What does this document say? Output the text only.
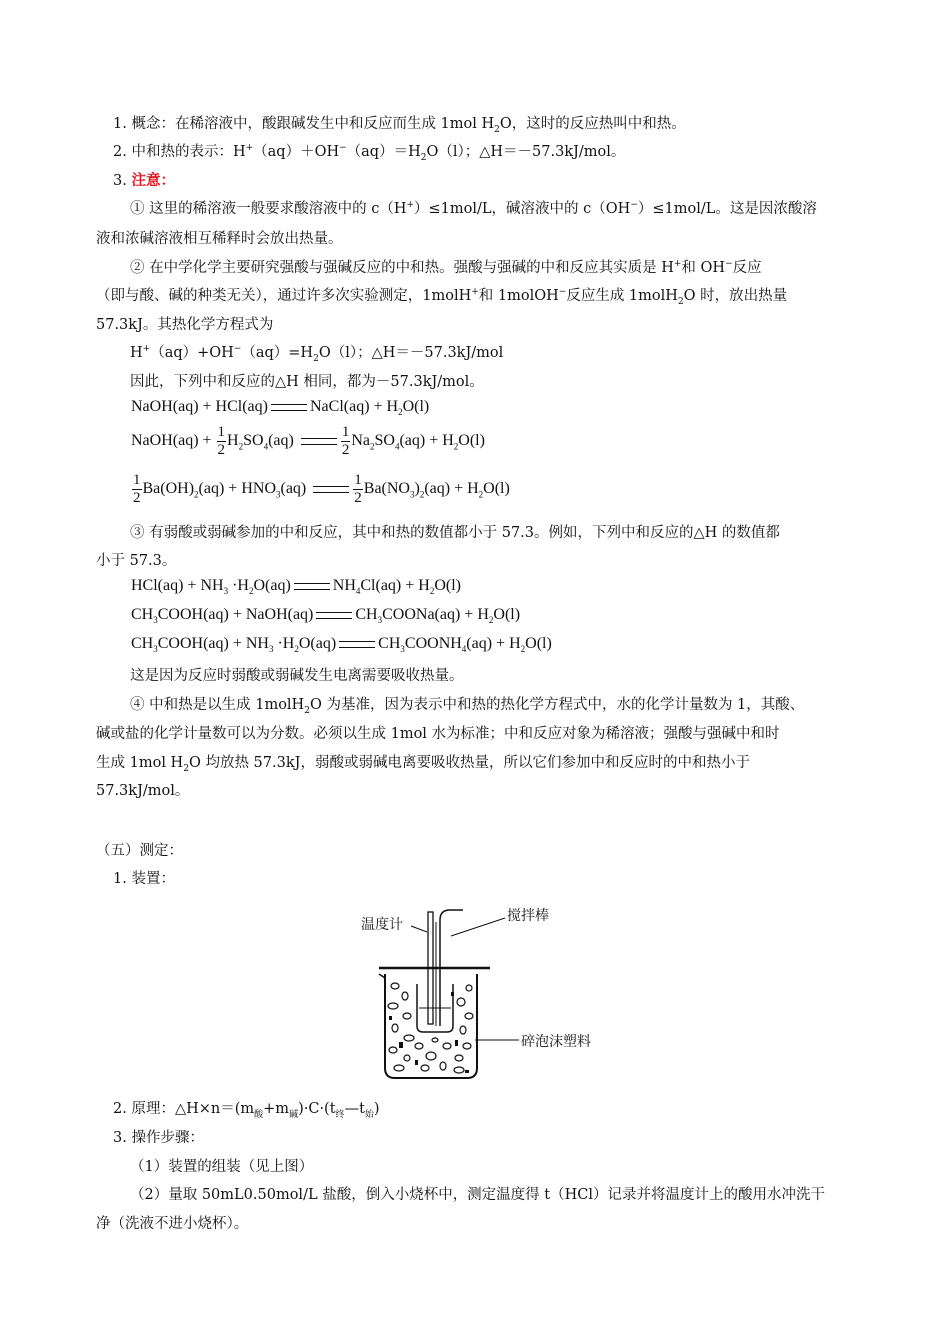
1. 概念：在稀溶液中，酸跟碱发生中和反应而生成 1mol $H_2O$，这时的反应热叫中和热。
2. 中和热的表示：$H^+(aq)+OH^-(aq)=H_2O(l)$；△H＝－57.3kJ/mol。
3. 注意：
① 这里的稀溶液一般要求酸溶液中的 c（H+）≤1mol/L，碱溶液中的 c（OH−）≤1mol/L。这是因浓酸溶
液和浓碱溶液相互稀释时会放出热量。
② 在中学化学主要研究强酸与强碱反应的中和热。强酸与强碱的中和反应其实质是 H+和 OH−反应
（即与酸、碱的种类无关），通过许多次实验测定，1molH+和 1molOH−反应生成 1molH$_2$O 时，放出热量
57.3kJ。其热化学方程式为
$H^+(aq)+OH^-(aq)=H_2O(l)$；△H＝－57.3kJ/mol
因此，下列中和反应的△H 相同，都为－57.3kJ/mol。
NaOH(aq) + HCl(aq)	NaCl(aq) + $H_2O(l)$
NaOH(aq) + $\frac{1}{2} H_2SO_4(aq)$	$\frac{1}{2} Na_2SO_4(aq) + H_2O(l)$
$\frac{1}{2} Ba(OH)_2(aq) + HNO_3(aq)$	$\frac{1}{2} Ba(NO_3)_2(aq) + H_2O(l)$
③ 有弱酸或弱碱参加的中和反应，其中和热的数值都小于 57.3。例如，下列中和反应的△H 的数值都
小于 57.3。
$HCl(aq) + NH_3 \cdot H_2O(aq)$	$NH_4Cl(aq) + H_2O(l)$
$CH_3COOH(aq)$ + NaOH(aq)	$CH_3COONa(aq) + H_2O(l)$
$CH_3COOH(aq) + NH_3 \cdot H_2O(aq)$	$CH_3COONH_4(aq) + H_2O(l)$
这是因为反应时弱酸或弱碱发生电离需要吸收热量。
④ 中和热是以生成 1molH$_2$O 为基准，因为表示中和热的热化学方程式中，水的化学计量数为 1，其酸、
碱或盐的化学计量数可以为分数。必须以生成 1mol 水为标准；中和反应对象为稀溶液；强酸与强碱中和时
生成 1mol $H_2O$ 均放热 57.3kJ，弱酸或弱碱电离要吸收热量，所以它们参加中和反应时的中和热小于
57.3kJ/mol。
（五）测定：
1. 装置：
温度计
搅拌棒
碎泡沫塑料
2. 原理：$\triangle H\times n=(m_酸+m_碱)\cdot C\cdot(t_终—t_始)$
3. 操作步骤：
（1）装置的组装（见上图）
（2）量取 50mL0.50mol/L 盐酸，倒入小烧杯中，测定温度得 t（HCl）记录并将温度计上的酸用水冲洗干
净（洗液不进小烧杯）。
